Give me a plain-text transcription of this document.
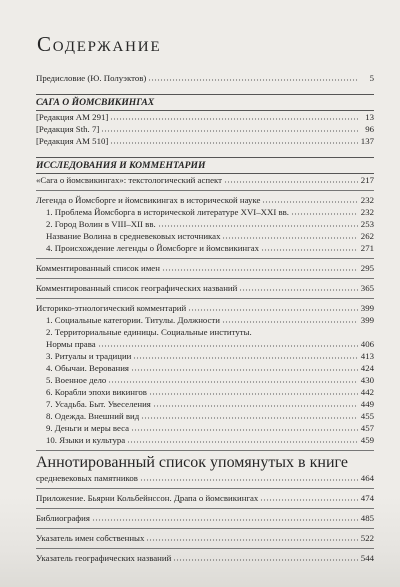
Содержание
Предисловие (Ю. Полуэктов)	5
САГА О ЙОМСВИКИНГАХ
[Редакция AM 291]	13
[Редакция Sth. 7]	96
[Редакция AM 510]	137
ИССЛЕДОВАНИЯ И КОММЕНТАРИИ
«Сага о йомсвикингах»: текстологический аспект	217
Легенда о Йомсборге и йомсвикингах в исторической науке	232
1. Проблема Йомсборга в исторической литературе XVI–XXI вв.	232
2. Город Волин в VIII–XII вв.	253
Название Волина в средневековых источниках	262
4. Происхождение легенды о Йомсборге и йомсвикингах	271
Комментированный список имен	295
Комментированный список географических названий	365
Историко-этнологический комментарий	399
1. Социальные категории. Титулы. Должности	399
2. Территориальные единицы. Социальные институты.
Нормы права	406
3. Ритуалы и традиции	413
4. Обычаи. Верования	424
5. Военное дело	430
6. Корабли эпохи викингов	442
7. Усадьба. Быт. Увеселения	449
8. Одежда. Внешний вид	455
9. Деньги и меры веса	457
10. Языки и культура	459
Аннотированный список упомянутых в книге
средневековых памятников	464
Приложение. Бьярни Кольбейнссон. Драпа о йомсвикингах	474
Библиография	485
Указатель имен собственных	522
Указатель географических названий	544
